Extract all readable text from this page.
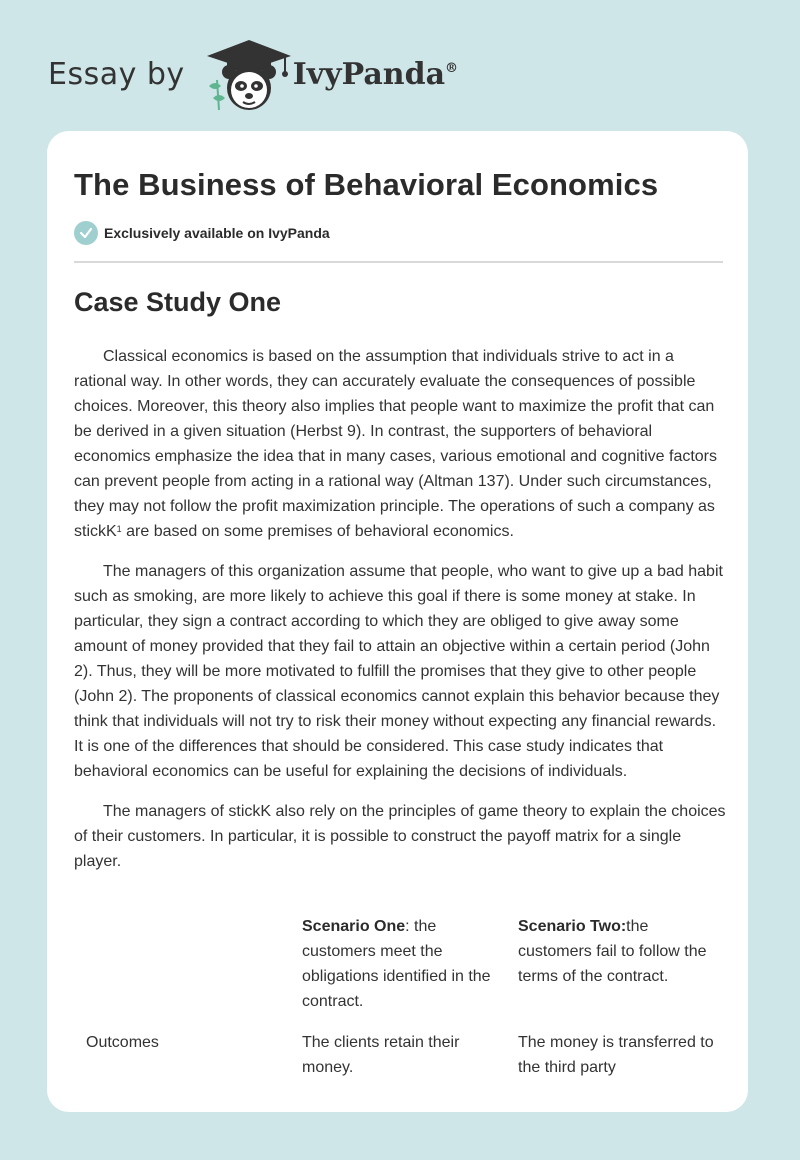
Essay by	IvyPanda®
The Business of Behavioral Economics
Exclusively available on IvyPanda
Case Study One

Classical economics is based on the assumption that individuals strive to act in a rational way. In other words, they can accurately evaluate the consequences of possible choices. Moreover, this theory also implies that people want to maximize the profit that can be derived in a given situation (Herbst 9). In contrast, the supporters of behavioral economics emphasize the idea that in many cases, various emotional and cognitive factors can prevent people from acting in a rational way (Altman 137). Under such circumstances, they may not follow the profit maximization principle. The operations of such a company as stickK$^1$ are based on some premises of behavioral economics.

The managers of this organization assume that people, who want to give up a bad habit such as smoking, are more likely to achieve this goal if there is some money at stake. In particular, they sign a contract according to which they are obliged to give away some amount of money provided that they fail to attain an objective within a certain period (John 2). Thus, they will be more motivated to fulfill the promises that they give to other people (John 2). The proponents of classical economics cannot explain this behavior because they think that individuals will not try to risk their money without expecting any financial rewards. It is one of the differences that should be considered. This case study indicates that behavioral economics can be useful for explaining the decisions of individuals.

The managers of stickK also rely on the principles of game theory to explain the choices of their customers. In particular, it is possible to construct the payoff matrix for a single player.

Scenario One: the customers meet the obligations identified in the contract.
Scenario Two:the customers fail to follow the terms of the contract.
Outcomes	The clients retain their money.
The money is transferred to the third party
